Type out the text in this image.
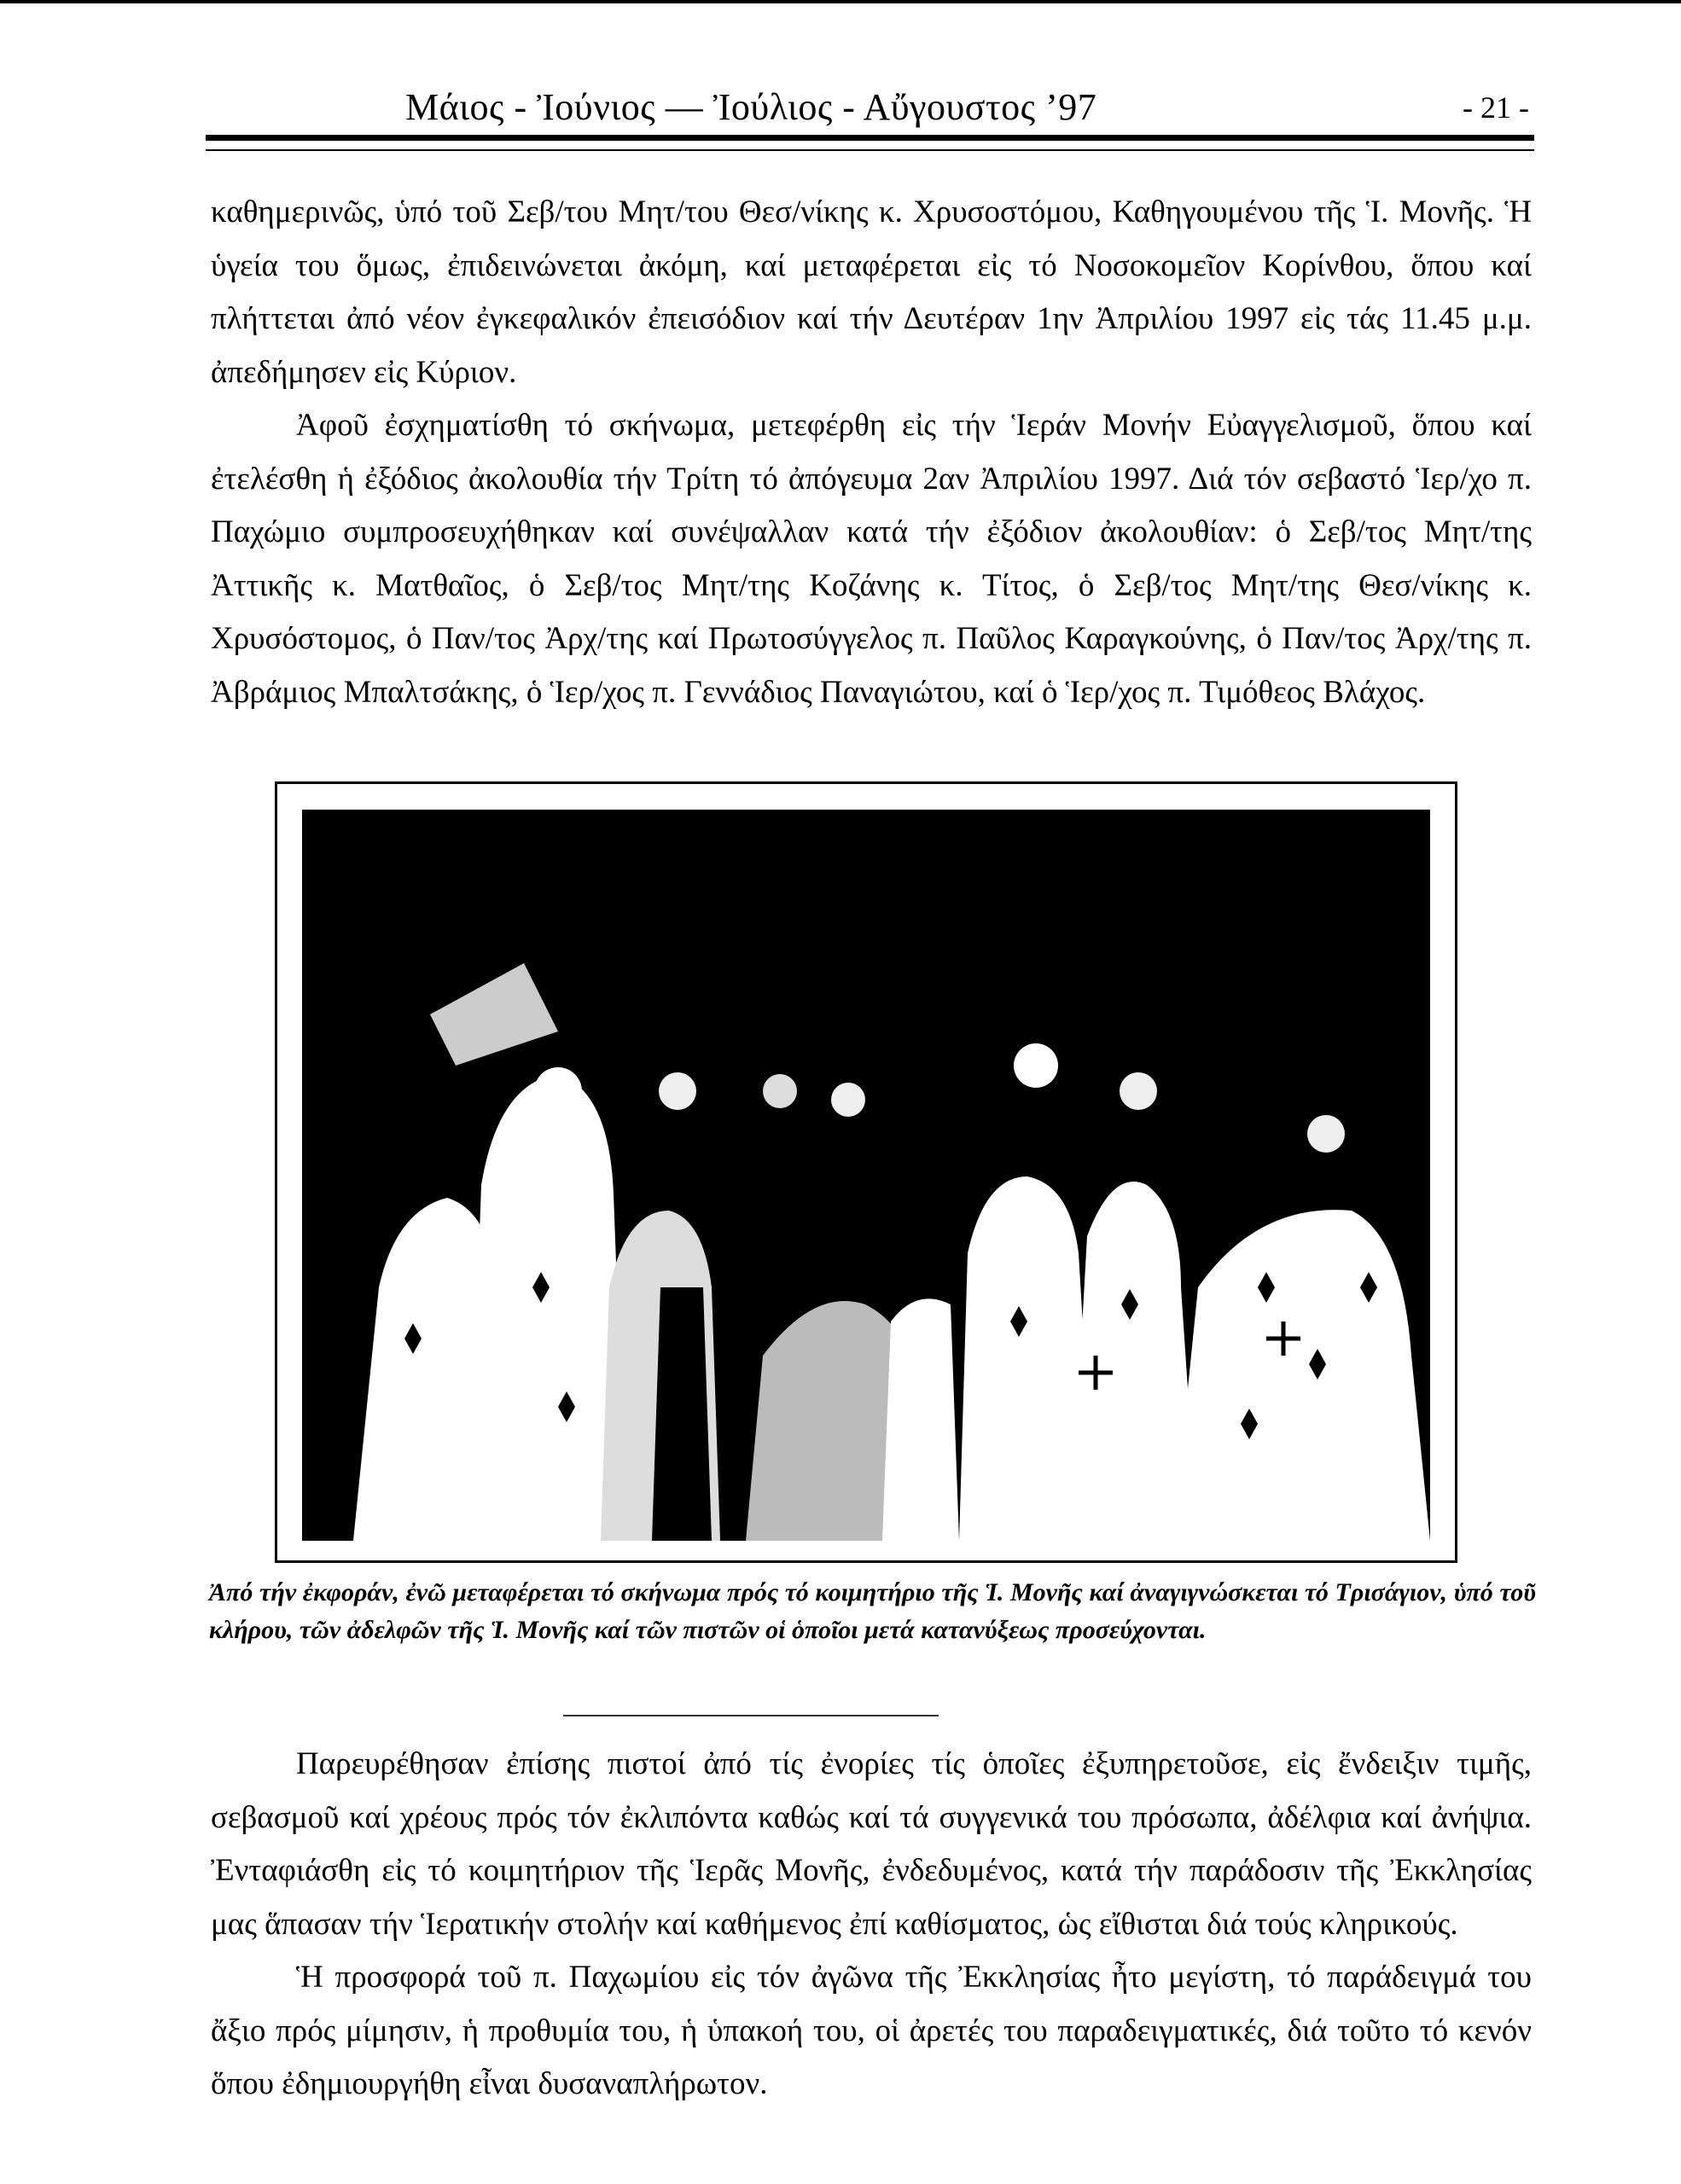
Μάιος - Ἰούνιος — Ἰούλιος - Αὔγουστος ’97	- 21 -

καθημερινῶς, ὑπό τοῦ Σεβ/του Μητ/του Θεσ/νίκης κ. Χρυσοστόμου, Καθηγουμένου τῆς Ἱ. Μονῆς. Ἡ ὑγεία του ὅμως, ἐπιδεινώνεται ἀκόμη, καί μεταφέρεται εἰς τό Νοσοκομεῖον Κορίνθου, ὅπου καί πλήττεται ἀπό νέον ἐγκεφαλικόν ἐπεισόδιον καί τήν Δευτέραν 1ην Ἀπριλίου 1997 εἰς τάς 11.45 μ.μ. ἀπεδήμησεν εἰς Κύριον.

Ἀφοῦ ἐσχηματίσθη τό σκήνωμα, μετεφέρθη εἰς τήν Ἱεράν Μονήν Εὐαγγελισμοῦ, ὅπου καί ἐτελέσθη ἡ ἐξόδιος ἀκολουθία τήν Τρίτη τό ἀπόγευμα 2αν Ἀπριλίου 1997. Διά τόν σεβαστό Ἱερ/χο π. Παχώμιο συμπροσευχήθηκαν καί συνέψαλλαν κατά τήν ἐξόδιον ἀκολουθίαν: ὁ Σεβ/τος Μητ/της Ἀττικῆς κ. Ματθαῖος, ὁ Σεβ/τος Μητ/της Κοζάνης κ. Τίτος, ὁ Σεβ/τος Μητ/της Θεσ/νίκης κ. Χρυσόστομος, ὁ Παν/τος Ἀρχ/της καί Πρωτοσύγγελος π. Παῦλος Καραγκούνης, ὁ Παν/τος Ἀρχ/της π. Ἀβράμιος Μπαλτσάκης, ὁ Ἱερ/χος π. Γεννάδιος Παναγιώτου, καί ὁ Ἱερ/χος π. Τιμόθεος Βλάχος.

Ἀπό τήν ἐκφοράν, ἐνῶ μεταφέρεται τό σκήνωμα πρός τό κοιμητήριο τῆς Ἱ. Μονῆς καί ἀναγιγνώσκεται τό Τρισάγιον, ὑπό τοῦ κλήρου, τῶν ἀδελφῶν τῆς Ἱ. Μονῆς καί τῶν πιστῶν οἱ ὁποῖοι μετά κατανύξεως προσεύχονται.

Παρευρέθησαν ἐπίσης πιστοί ἀπό τίς ἐνορίες τίς ὁποῖες ἐξυπηρετοῦσε, εἰς ἔνδειξιν τιμῆς, σεβασμοῦ καί χρέους πρός τόν ἐκλιπόντα καθώς καί τά συγγενικά του πρόσωπα, ἀδέλφια καί ἀνήψια. Ἐνταφιάσθη εἰς τό κοιμητήριον τῆς Ἱερᾶς Μονῆς, ἐνδεδυμένος, κατά τήν παράδοσιν τῆς Ἐκκλησίας μας ἅπασαν τήν Ἱερατικήν στολήν καί καθήμενος ἐπί καθίσματος, ὡς εἴθισται διά τούς κληρικούς.

Ἡ προσφορά τοῦ π. Παχωμίου εἰς τόν ἀγῶνα τῆς Ἐκκλησίας ἦτο μεγίστη, τό παράδειγμά του ἄξιο πρός μίμησιν, ἡ προθυμία του, ἡ ὑπακοή του, οἱ ἀρετές του παραδειγματικές, διά τοῦτο τό κενόν ὅπου ἐδημιουργήθη εἶναι δυσαναπλήρωτον.
